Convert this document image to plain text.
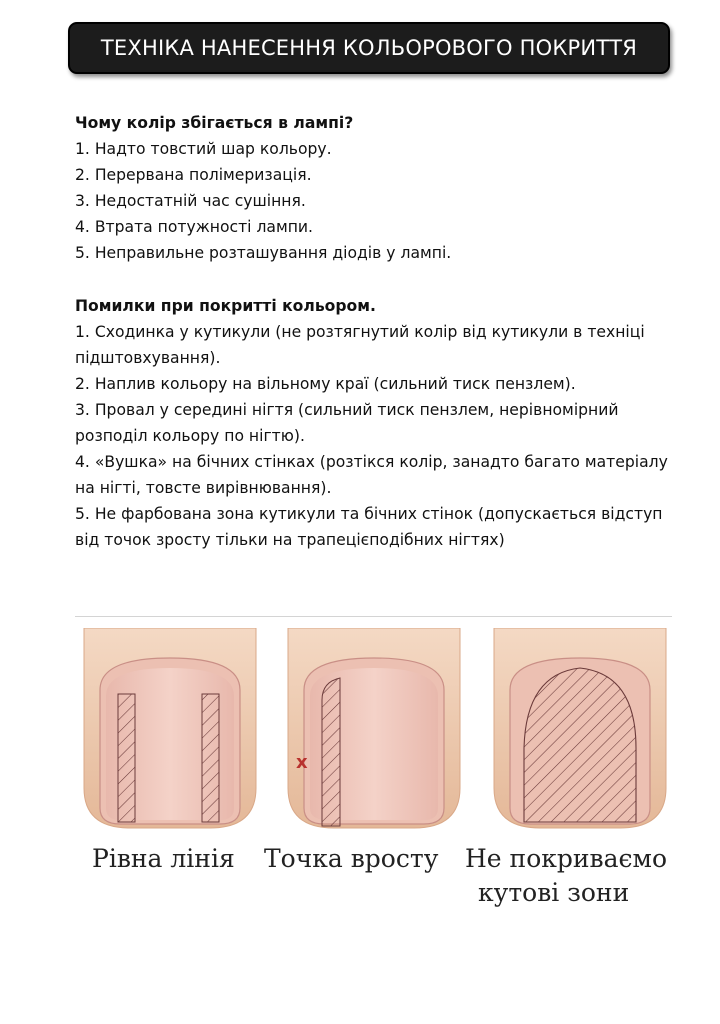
ТЕХНІКА НАНЕСЕННЯ КОЛЬОРОВОГО ПОКРИТТЯ

Чому колір збігається в лампі?

1. Надто товстий шар кольору.
2. Перервана полімеризація.
3. Недостатній час сушіння.
4. Втрата потужності лампи.
5. Неправильне розташування діодів у лампі.

Помилки при покритті кольором.

1. Сходинка у кутикули (не розтягнутий колір від кутикули в техніці підштовхування).
2. Наплив кольору на вільному краї (сильний тиск пензлем).
3. Провал у середині нігтя (сильний тиск пензлем, нерівномірний розподіл кольору по нігтю).
4. «Вушка» на бічних стінках (розтікся колір, занадто багато матеріалу на нігті, товсте вирівнювання).
5. Не фарбована зона кутикули та бічних стінок (допускається відступ від точок зросту тільки на трапецієподібних нігтях)
x
Рівна лінія Точка вросту Не покриваємо
кутові зони
